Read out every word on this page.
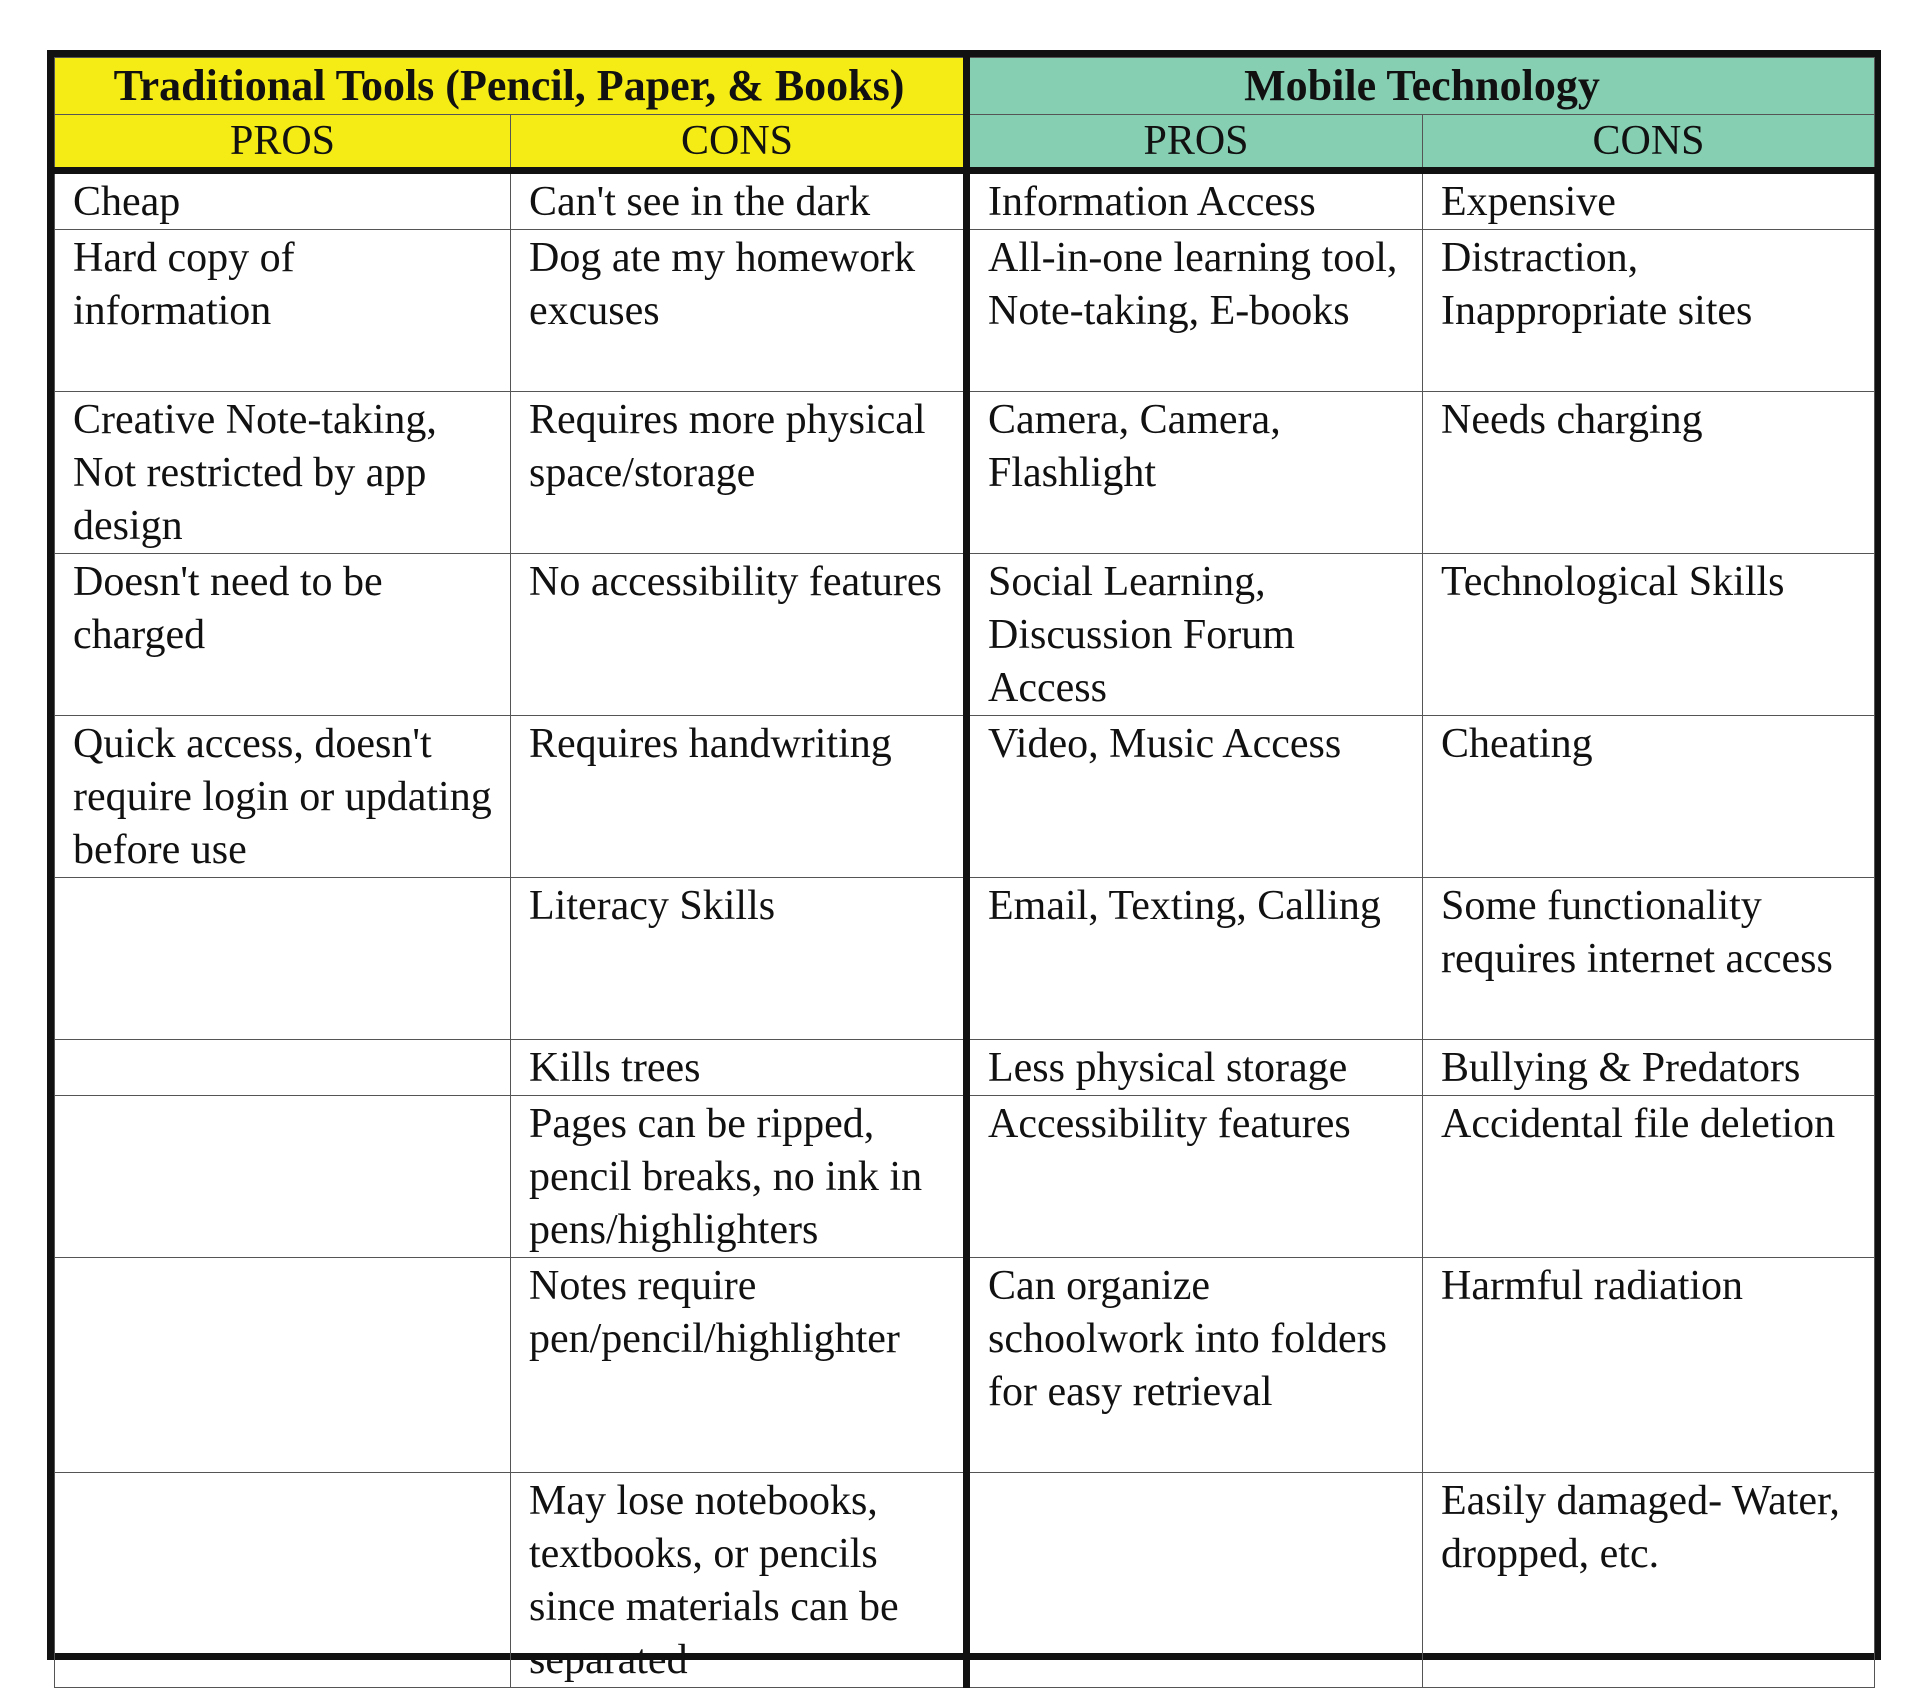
Traditional Tools (Pencil, Paper, & Books)		Mobile Technology	
PROS	CONS	PROS	CONS
Cheap	Can't see in the dark	Information Access	Expensive
Hard copy of information	Dog ate my homework excuses	All-in-one learning tool, Note-taking, E-books	Distraction, Inappropriate sites
Creative Note-taking, Not restricted by app design	Requires more physical space/storage	Camera, Camera, Flashlight	Needs charging
Doesn't need to be charged	No accessibility features	Social Learning, Discussion Forum Access	Technological Skills
Quick access, doesn't require login or updating before use	Requires handwriting	Video, Music Access	Cheating
	Literacy Skills	Email, Texting, Calling	Some functionality requires internet access
	Kills trees	Less physical storage	Bullying & Predators
	Pages can be ripped, pencil breaks, no ink in pens/highlighters	Accessibility features	Accidental file deletion
	Notes require pen/pencil/highlighter	Can organize schoolwork into folders for easy retrieval	Harmful radiation
	May lose notebooks, textbooks, or pencils since materials can be separated		Easily damaged- Water, dropped, etc.
